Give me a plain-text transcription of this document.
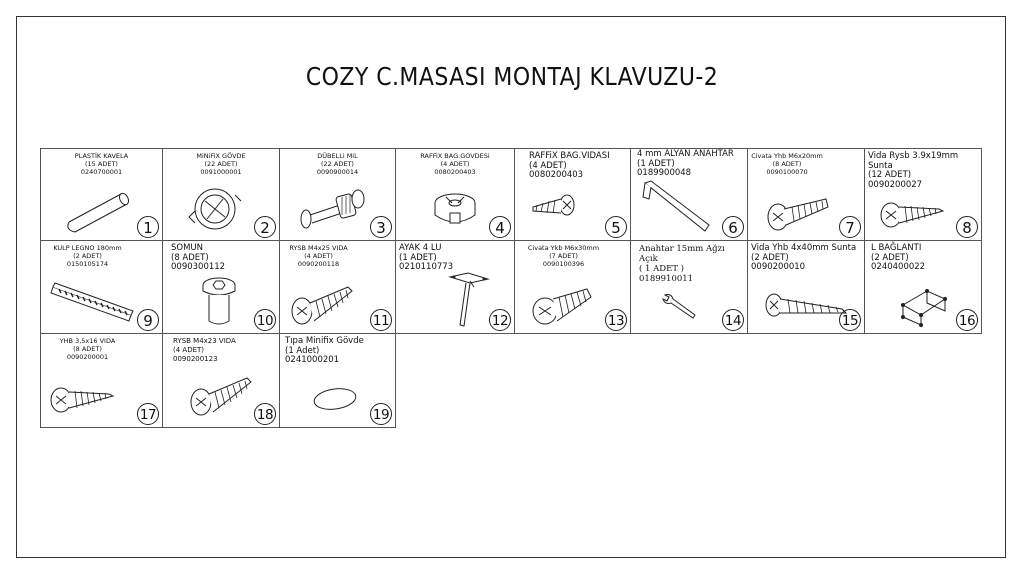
COZY C.MASASI MONTAJ KLAVUZU-2
PLASTİK KAVELA
(15 ADET)
0240700001
1
MiNiFiX GÖVDE
(22 ADET)
0091000001
2
DÜBELLi MiL
(22 ADET)
0090900014
3
RAFFiX BAG.GOVDESi
(4 ADET)
0080200403
4
RAFFiX BAG.VIDASI
(4 ADET)
0080200403
5
4 mm ALYAN ANAHTAR
(1 ADET)
0189900048
6
Civata Yhb M6x20mm
(8 ADET)
0090100070
7
Vida Rysb 3.9x19mm Sunta
(12 ADET)
0090200027
8
KULP LEGNO 180mm
(2 ADET)
0150105174
9
SOMUN
(8 ADET)
0090300112
10
RYSB M4x25 VIDA
(4 ADET)
0090200118
11
AYAK 4 LU
(1 ADET)
0210110773
12
Civata Ykb M6x30mm
(7 ADET)
0090100396
13
Anahtar 15mm Ağzı Açık
( 1 ADET )
0189910011
14
Vida Yhb 4x40mm Sunta
(2 ADET)
0090200010
15
L BAĞLANTI
(2 ADET)
0240400022
16
YHB 3,5x16 VIDA
(8 ADET)
0090200001
17
RYSB M4x23 VIDA
(4 ADET)
0090200123
18
Tıpa Minifix Gövde
(1 Adet)
0241000201
19
